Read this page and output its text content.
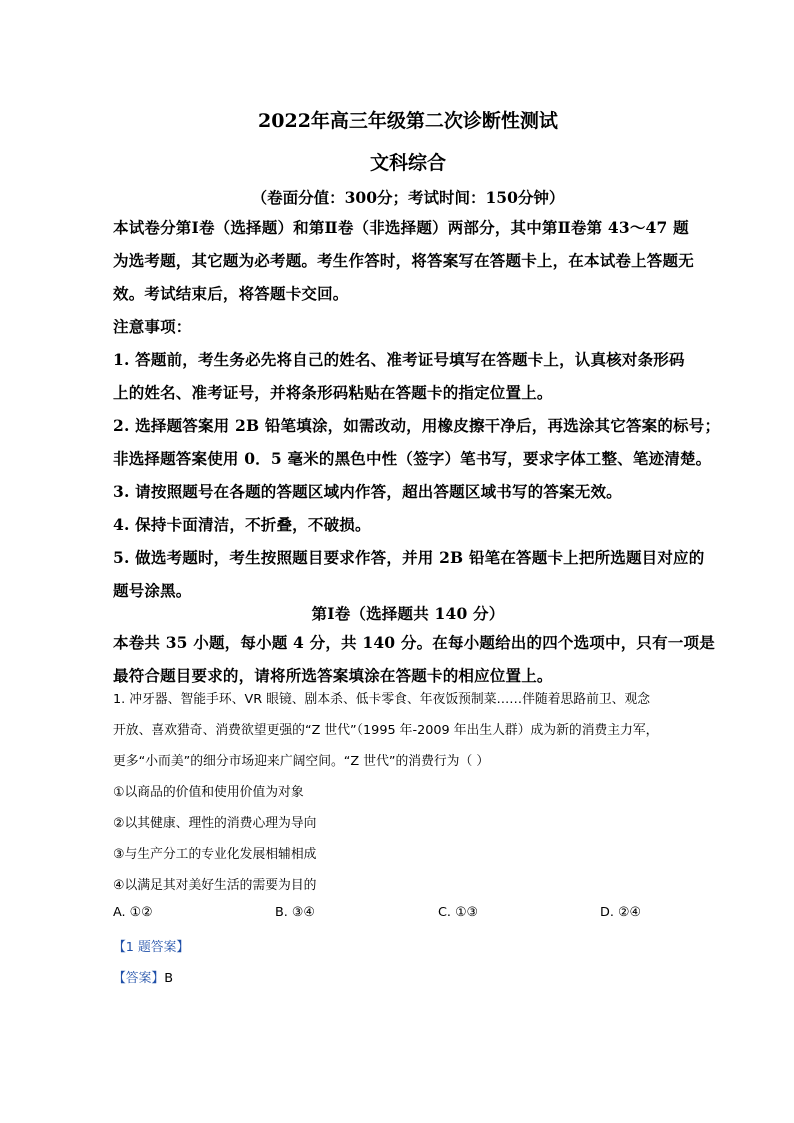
2022年高三年级第二次诊断性测试
文科综合
（卷面分值：300分；考试时间：150分钟）
本试卷分第Ⅰ卷（选择题）和第Ⅱ卷（非选择题）两部分，其中第Ⅱ卷第 43～47 题
为选考题，其它题为必考题。考生作答时，将答案写在答题卡上，在本试卷上答题无
效。考试结束后，将答题卡交回。
注意事项：
1. 答题前，考生务必先将自己的姓名、准考证号填写在答题卡上，认真核对条形码
上的姓名、准考证号，并将条形码粘贴在答题卡的指定位置上。
2. 选择题答案用 2B 铅笔填涂，如需改动，用橡皮擦干净后，再选涂其它答案的标号；
非选择题答案使用 0．5 毫米的黑色中性（签字）笔书写，要求字体工整、笔迹清楚。
3. 请按照题号在各题的答题区域内作答，超出答题区域书写的答案无效。
4. 保持卡面清洁，不折叠，不破损。
5. 做选考题时，考生按照题目要求作答，并用 2B 铅笔在答题卡上把所选题目对应的
题号涂黑。
第Ⅰ卷（选择题共 140 分）
本卷共 35 小题，每小题 4 分，共 140 分。在每小题给出的四个选项中，只有一项是
最符合题目要求的，请将所选答案填涂在答题卡的相应位置上。
1. 冲牙器、智能手环、VR 眼镜、剧本杀、低卡零食、年夜饭预制菜……伴随着思路前卫、观念
开放、喜欢猎奇、消费欲望更强的“Z 世代”（1995 年-2009 年出生人群）成为新的消费主力军，
更多“小而美”的细分市场迎来广阔空间。“Z 世代”的消费行为（ ）
①以商品的价值和使用价值为对象
②以其健康、理性的消费心理为导向
③与生产分工的专业化发展相辅相成
④以满足其对美好生活的需要为目的
A. ①②	B. ③④	C. ①③	D. ②④
【1 题答案】
【答案】B
